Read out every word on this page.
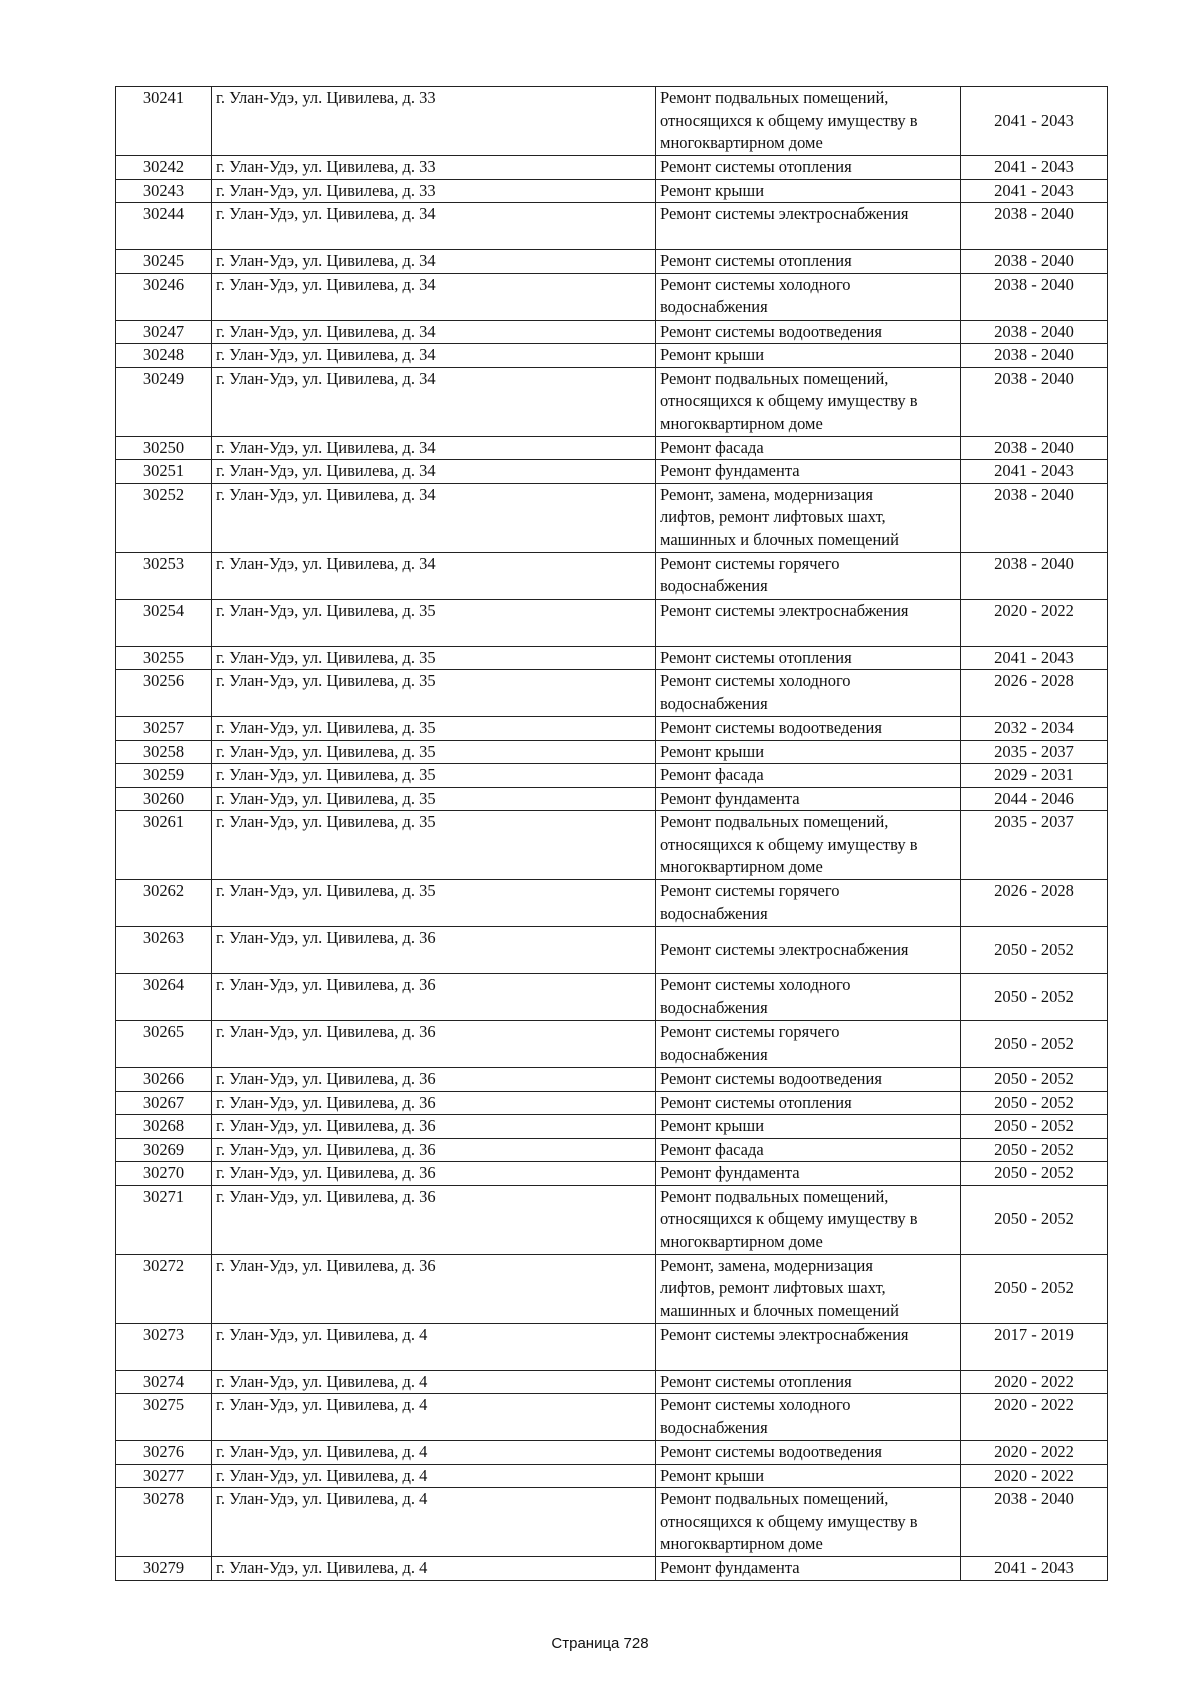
30241	г. Улан-Удэ, ул. Цивилева, д. 33	Ремонт подвальных помещений,
относящихся к общему имуществу в
многоквартирном доме	2041 - 2043
30242	г. Улан-Удэ, ул. Цивилева, д. 33	Ремонт системы отопления	2041 - 2043
30243	г. Улан-Удэ, ул. Цивилева, д. 33	Ремонт крыши	2041 - 2043
30244	г. Улан-Удэ, ул. Цивилева, д. 34	Ремонт системы электроснабжения	2038 - 2040
30245	г. Улан-Удэ, ул. Цивилева, д. 34	Ремонт системы отопления	2038 - 2040
30246	г. Улан-Удэ, ул. Цивилева, д. 34	Ремонт системы холодного
водоснабжения	2038 - 2040
30247	г. Улан-Удэ, ул. Цивилева, д. 34	Ремонт системы водоотведения	2038 - 2040
30248	г. Улан-Удэ, ул. Цивилева, д. 34	Ремонт крыши	2038 - 2040
30249	г. Улан-Удэ, ул. Цивилева, д. 34	Ремонт подвальных помещений,
относящихся к общему имуществу в
многоквартирном доме	2038 - 2040
30250	г. Улан-Удэ, ул. Цивилева, д. 34	Ремонт фасада	2038 - 2040
30251	г. Улан-Удэ, ул. Цивилева, д. 34	Ремонт фундамента	2041 - 2043
30252	г. Улан-Удэ, ул. Цивилева, д. 34	Ремонт, замена, модернизация
лифтов, ремонт лифтовых шахт,
машинных и блочных помещений	2038 - 2040
30253	г. Улан-Удэ, ул. Цивилева, д. 34	Ремонт системы горячего
водоснабжения	2038 - 2040
30254	г. Улан-Удэ, ул. Цивилева, д. 35	Ремонт системы электроснабжения	2020 - 2022
30255	г. Улан-Удэ, ул. Цивилева, д. 35	Ремонт системы отопления	2041 - 2043
30256	г. Улан-Удэ, ул. Цивилева, д. 35	Ремонт системы холодного
водоснабжения	2026 - 2028
30257	г. Улан-Удэ, ул. Цивилева, д. 35	Ремонт системы водоотведения	2032 - 2034
30258	г. Улан-Удэ, ул. Цивилева, д. 35	Ремонт крыши	2035 - 2037
30259	г. Улан-Удэ, ул. Цивилева, д. 35	Ремонт фасада	2029 - 2031
30260	г. Улан-Удэ, ул. Цивилева, д. 35	Ремонт фундамента	2044 - 2046
30261	г. Улан-Удэ, ул. Цивилева, д. 35	Ремонт подвальных помещений,
относящихся к общему имуществу в
многоквартирном доме	2035 - 2037
30262	г. Улан-Удэ, ул. Цивилева, д. 35	Ремонт системы горячего
водоснабжения	2026 - 2028
30263	г. Улан-Удэ, ул. Цивилева, д. 36	Ремонт системы электроснабжения	2050 - 2052
30264	г. Улан-Удэ, ул. Цивилева, д. 36	Ремонт системы холодного
водоснабжения	2050 - 2052
30265	г. Улан-Удэ, ул. Цивилева, д. 36	Ремонт системы горячего
водоснабжения	2050 - 2052
30266	г. Улан-Удэ, ул. Цивилева, д. 36	Ремонт системы водоотведения	2050 - 2052
30267	г. Улан-Удэ, ул. Цивилева, д. 36	Ремонт системы отопления	2050 - 2052
30268	г. Улан-Удэ, ул. Цивилева, д. 36	Ремонт крыши	2050 - 2052
30269	г. Улан-Удэ, ул. Цивилева, д. 36	Ремонт фасада	2050 - 2052
30270	г. Улан-Удэ, ул. Цивилева, д. 36	Ремонт фундамента	2050 - 2052
30271	г. Улан-Удэ, ул. Цивилева, д. 36	Ремонт подвальных помещений,
относящихся к общему имуществу в
многоквартирном доме	2050 - 2052
30272	г. Улан-Удэ, ул. Цивилева, д. 36	Ремонт, замена, модернизация
лифтов, ремонт лифтовых шахт,
машинных и блочных помещений	2050 - 2052
30273	г. Улан-Удэ, ул. Цивилева, д. 4	Ремонт системы электроснабжения	2017 - 2019
30274	г. Улан-Удэ, ул. Цивилева, д. 4	Ремонт системы отопления	2020 - 2022
30275	г. Улан-Удэ, ул. Цивилева, д. 4	Ремонт системы холодного
водоснабжения	2020 - 2022
30276	г. Улан-Удэ, ул. Цивилева, д. 4	Ремонт системы водоотведения	2020 - 2022
30277	г. Улан-Удэ, ул. Цивилева, д. 4	Ремонт крыши	2020 - 2022
30278	г. Улан-Удэ, ул. Цивилева, д. 4	Ремонт подвальных помещений,
относящихся к общему имуществу в
многоквартирном доме	2038 - 2040
30279	г. Улан-Удэ, ул. Цивилева, д. 4	Ремонт фундамента	2041 - 2043
Страница 728
